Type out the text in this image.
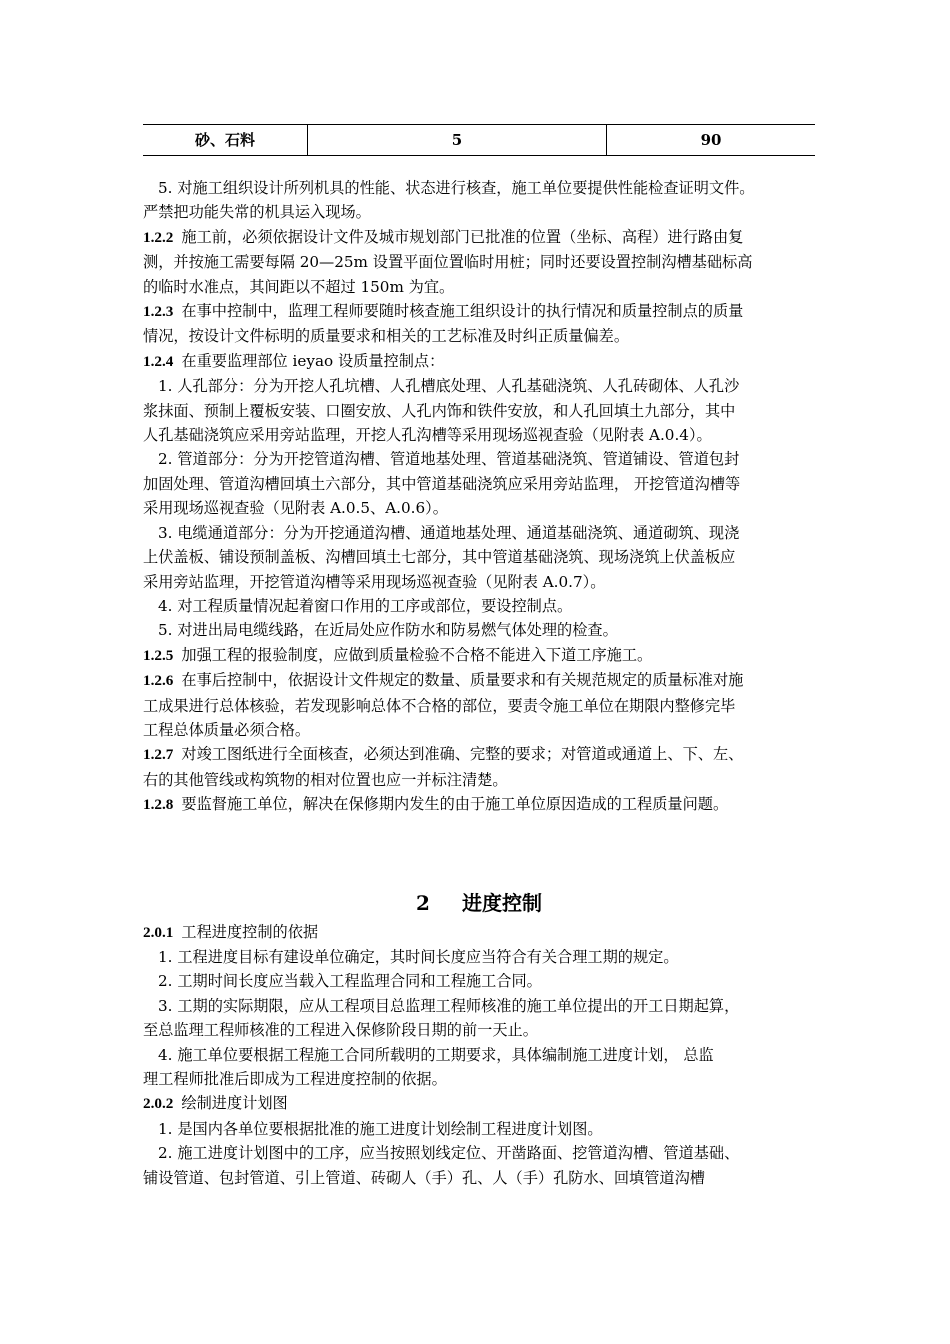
砂、石料	5	90

5. 对施工组织设计所列机具的性能、状态进行核查，施工单位要提供性能检查证明文件。

严禁把功能失常的机具运入现场。

1.2.2 施工前，必须依据设计文件及城市规划部门已批准的位置（坐标、高程）进行路由复

测，并按施工需要每隔 20—25m 设置平面位置临时用桩；同时还要设置控制沟槽基础标高

的临时水准点，其间距以不超过 150m 为宜。

1.2.3 在事中控制中，监理工程师要随时核查施工组织设计的执行情况和质量控制点的质量

情况，按设计文件标明的质量要求和相关的工艺标准及时纠正质量偏差。

1.2.4 在重要监理部位 ieyao 设质量控制点：

1. 人孔部分：分为开挖人孔坑槽、人孔槽底处理、人孔基础浇筑、人孔砖砌体、人孔沙

浆抹面、预制上覆板安装、口圈安放、人孔内饰和铁件安放，和人孔回填土九部分，其中

人孔基础浇筑应采用旁站监理，开挖人孔沟槽等采用现场巡视查验（见附表 A.0.4）。

2. 管道部分：分为开挖管道沟槽、管道地基处理、管道基础浇筑、管道铺设、管道包封

加固处理、管道沟槽回填土六部分，其中管道基础浇筑应采用旁站监理， 开挖管道沟槽等

采用现场巡视查验（见附表 A.0.5、A.0.6）。

3. 电缆通道部分：分为开挖通道沟槽、通道地基处理、通道基础浇筑、通道砌筑、现浇

上伏盖板、铺设预制盖板、沟槽回填土七部分，其中管道基础浇筑、现场浇筑上伏盖板应

采用旁站监理，开挖管道沟槽等采用现场巡视查验（见附表 A.0.7）。

4. 对工程质量情况起着窗口作用的工序或部位，要设控制点。

5. 对进出局电缆线路，在近局处应作防水和防易燃气体处理的检查。

1.2.5 加强工程的报验制度，应做到质量检验不合格不能进入下道工序施工。

1.2.6 在事后控制中，依据设计文件规定的数量、质量要求和有关规范规定的质量标准对施

工成果进行总体核验，若发现影响总体不合格的部位，要责令施工单位在期限内整修完毕

工程总体质量必须合格。

1.2.7 对竣工图纸进行全面核查，必须达到准确、完整的要求；对管道或通道上、下、左、

右的其他管线或构筑物的相对位置也应一并标注清楚。

1.2.8 要监督施工单位，解决在保修期内发生的由于施工单位原因造成的工程质量问题。

2 进度控制

2.0.1 工程进度控制的依据

1. 工程进度目标有建设单位确定，其时间长度应当符合有关合理工期的规定。

2. 工期时间长度应当载入工程监理合同和工程施工合同。

3. 工期的实际期限，应从工程项目总监理工程师核准的施工单位提出的开工日期起算，

至总监理工程师核准的工程进入保修阶段日期的前一天止。

4. 施工单位要根据工程施工合同所载明的工期要求，具体编制施工进度计划， 总监

理工程师批准后即成为工程进度控制的依据。

2.0.2 绘制进度计划图

1. 是国内各单位要根据批准的施工进度计划绘制工程进度计划图。

2. 施工进度计划图中的工序，应当按照划线定位、开凿路面、挖管道沟槽、管道基础、

铺设管道、包封管道、引上管道、砖砌人（手）孔、人（手）孔防水、回填管道沟槽
